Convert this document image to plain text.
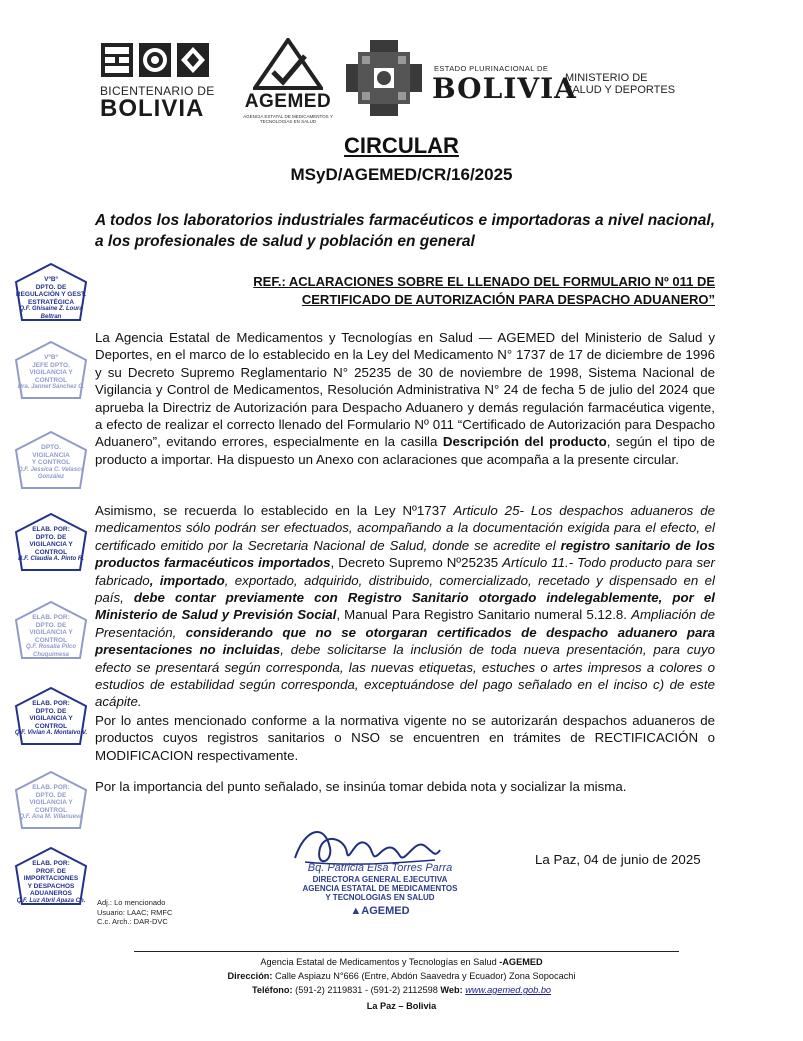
BICENTENARIO DE
BOLIVIA	AGEMED
AGENCIA ESTATAL DE MEDICAMENTOS Y TECNOLOGÍAS EN SALUD
ESTADO PLURINACIONAL DE
BOLIVIA
MINISTERIO DE
SALUD Y DEPORTES
CIRCULAR
MSyD/AGEMED/CR/16/2025
A todos los laboratorios industriales farmacéuticos e importadoras a nivel nacional, a los profesionales de salud y población en general
REF.: ACLARACIONES SOBRE EL LLENADO DEL FORMULARIO Nº 011 DE
CERTIFICADO DE AUTORIZACIÓN PARA DESPACHO ADUANERO”
La Agencia Estatal de Medicamentos y Tecnologías en Salud — AGEMED del Ministerio de Salud y Deportes, en el marco de lo establecido en la Ley del Medicamento N° 1737 de 17 de diciembre de 1996 y su Decreto Supremo Reglamentario N° 25235 de 30 de noviembre de 1998, Sistema Nacional de Vigilancia y Control de Medicamentos, Resolución Administrativa N° 24 de fecha 5 de julio del 2024 que aprueba la Directriz de Autorización para Despacho Aduanero y demás regulación farmacéutica vigente, a efecto de realizar el correcto llenado del Formulario Nº 011 “Certificado de Autorización para Despacho Aduanero”, evitando errores, especialmente en la casilla Descripción del producto, según el tipo de producto a importar. Ha dispuesto un Anexo con aclaraciones que acompaña a la presente circular.
Asimismo, se recuerda lo establecido en la Ley Nº1737 Articulo 25- Los despachos aduaneros de medicamentos sólo podrán ser efectuados, acompañando a la documentación exigida para el efecto, el certificado emitido por la Secretaria Nacional de Salud, donde se acredite el registro sanitario de los productos farmacéuticos importados, Decreto Supremo Nº25235 Artículo 11.- Todo producto para ser fabricado, importado, exportado, adquirido, distribuido, comercializado, recetado y dispensado en el país, debe contar previamente con Registro Sanitario otorgado indelegablemente, por el Ministerio de Salud y Previsión Social, Manual Para Registro Sanitario numeral 5.12.8. Ampliación de Presentación, considerando que no se otorgaran certificados de despacho aduanero para presentaciones no incluidas, debe solicitarse la inclusión de toda nueva presentación, para cuyo efecto se presentará según corresponda, las nuevas etiquetas, estuches o artes impresos a colores o estudios de estabilidad según corresponda, exceptuándose del pago señalado en el inciso c) de este acápite.
Por lo antes mencionado conforme a la normativa vigente no se autorizarán despachos aduaneros de productos cuyos registros sanitarios o NSO se encuentren en trámites de RECTIFICACIÓN o MODIFICACION respectivamente.
Por la importancia del punto señalado, se insinúa tomar debida nota y socializar la misma.
Bq. Patricia Elsa Torres Parra
DIRECTORA GENERAL EJECUTIVA
AGENCIA ESTATAL DE MEDICAMENTOS
Y TECNOLOGIAS EN SALUD
▲AGEMED
La Paz, 04 de junio de 2025
Adj.: Lo mencionado
Usuario: LAAC; RMFC
C.c. Arch.: DAR-DVC
Agencia Estatal de Medicamentos y Tecnologías en Salud -AGEMED
Dirección: Calle Aspiazu N°666 (Entre, Abdón Saavedra y Ecuador) Zona Sopocachi
Teléfono: (591-2) 2119831 - (591-2) 2112598 Web: www.agemed.gob.bo
La Paz – Bolivia
VºBº
DPTO. DE REGULACIÓN Y GEST.
ESTRATÉGICA
Q.F. Ghisaine Z. Loura Beltran
VºBº
JEFE DPTO.
VIGILANCIA Y CONTROL
Dra. Jannet Sánchez C.
DPTO.
VIGILANCIA
Y CONTROL
Q.F. Jessica C. Velasco González
ELAB. POR:
DPTO. DE
VIGILANCIA Y CONTROL
B.F. Claudia A. Pinto R.
ELAB. POR:
DPTO. DE
VIGILANCIA Y CONTROL
Q.F. Rosalia Pilco Chuquimesa
ELAB. POR:
DPTO. DE
VIGILANCIA Y CONTROL
Q.F. Vivian A. Montalvo V.
ELAB. POR:
DPTO. DE
VIGILANCIA Y CONTROL
Q.F. Ana M. Villanueva
ELAB. POR:
PROF. DE IMPORTACIONES
Y DESPACHOS ADUANEROS
Q.F. Luz Abril Apaza Ch.
